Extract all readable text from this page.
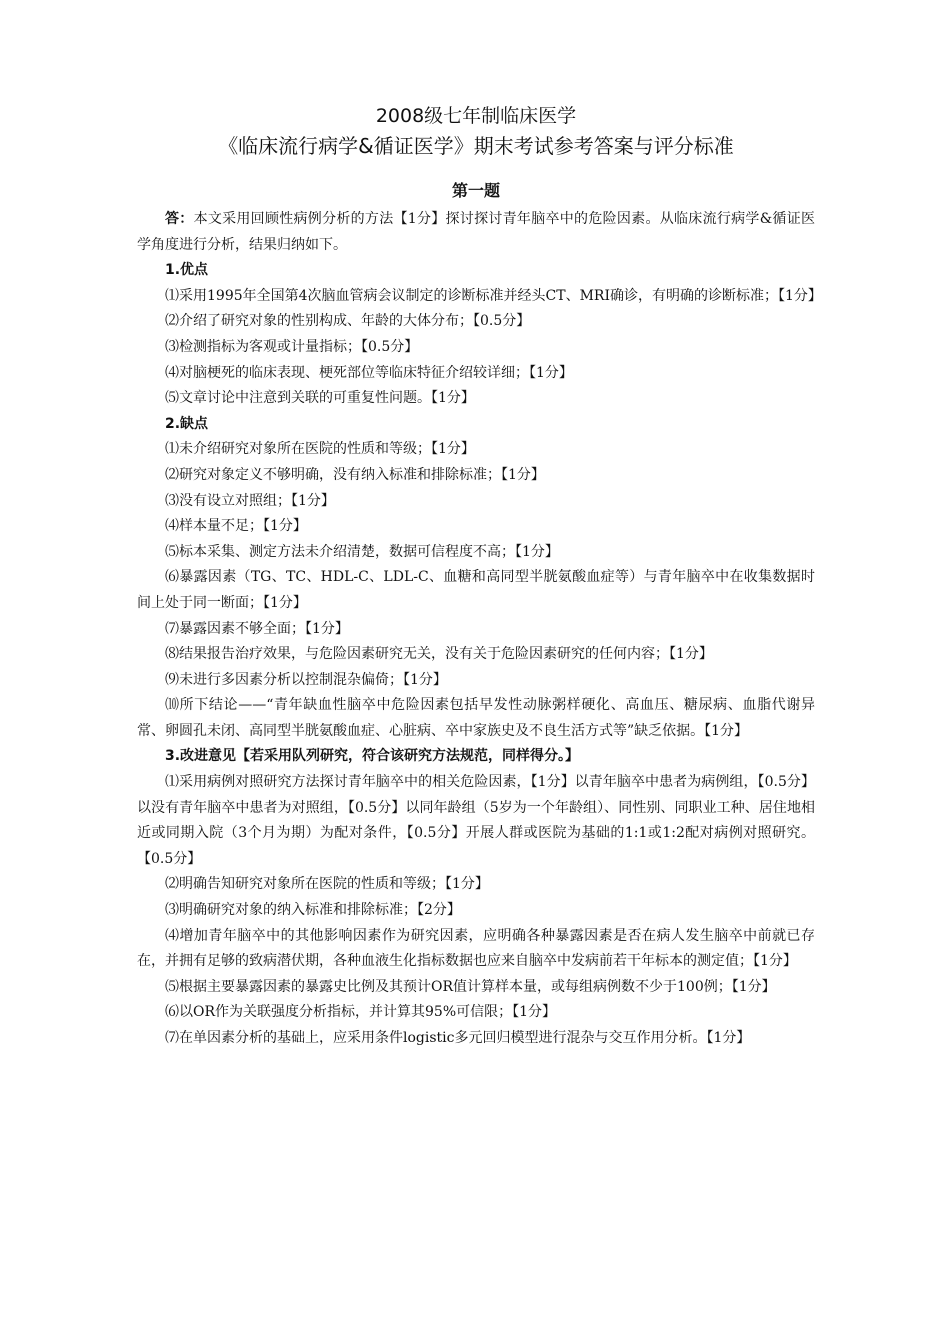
2008级七年制临床医学
《临床流行病学&循证医学》期末考试参考答案与评分标准
第一题

答：本文采用回顾性病例分析的方法【1分】探讨探讨青年脑卒中的危险因素。从临床流行病学&循证医学角度进行分析，结果归纳如下。

1.优点

⑴采用1995年全国第4次脑血管病会议制定的诊断标准并经头CT、MRI确诊，有明确的诊断标准；【1分】

⑵介绍了研究对象的性别构成、年龄的大体分布；【0.5分】

⑶检测指标为客观或计量指标；【0.5分】

⑷对脑梗死的临床表现、梗死部位等临床特征介绍较详细；【1分】

⑸文章讨论中注意到关联的可重复性问题。【1分】

2.缺点

⑴未介绍研究对象所在医院的性质和等级；【1分】

⑵研究对象定义不够明确，没有纳入标准和排除标准；【1分】

⑶没有设立对照组；【1分】

⑷样本量不足；【1分】

⑸标本采集、测定方法未介绍清楚，数据可信程度不高；【1分】

⑹暴露因素（TG、TC、HDL-C、LDL-C、血糖和高同型半胱氨酸血症等）与青年脑卒中在收集数据时间上处于同一断面；【1分】

⑺暴露因素不够全面；【1分】

⑻结果报告治疗效果，与危险因素研究无关，没有关于危险因素研究的任何内容；【1分】

⑼未进行多因素分析以控制混杂偏倚；【1分】

⑽所下结论——“青年缺血性脑卒中危险因素包括早发性动脉粥样硬化、高血压、糖尿病、血脂代谢异常、卵圆孔未闭、高同型半胱氨酸血症、心脏病、卒中家族史及不良生活方式等”缺乏依据。【1分】

3.改进意见【若采用队列研究，符合该研究方法规范，同样得分。】

⑴采用病例对照研究方法探讨青年脑卒中的相关危险因素，【1分】以青年脑卒中患者为病例组，【0.5分】以没有青年脑卒中患者为对照组，【0.5分】以同年龄组（5岁为一个年龄组）、同性别、同职业工种、居住地相近或同期入院（3个月为期）为配对条件，【0.5分】开展人群或医院为基础的1:1或1:2配对病例对照研究。【0.5分】

⑵明确告知研究对象所在医院的性质和等级；【1分】

⑶明确研究对象的纳入标准和排除标准；【2分】

⑷增加青年脑卒中的其他影响因素作为研究因素，应明确各种暴露因素是否在病人发生脑卒中前就已存在，并拥有足够的致病潜伏期，各种血液生化指标数据也应来自脑卒中发病前若干年标本的测定值；【1分】

⑸根据主要暴露因素的暴露史比例及其预计OR值计算样本量，或每组病例数不少于100例；【1分】

⑹以OR作为关联强度分析指标，并计算其95%可信限；【1分】

⑺在单因素分析的基础上，应采用条件logistic多元回归模型进行混杂与交互作用分析。【1分】
